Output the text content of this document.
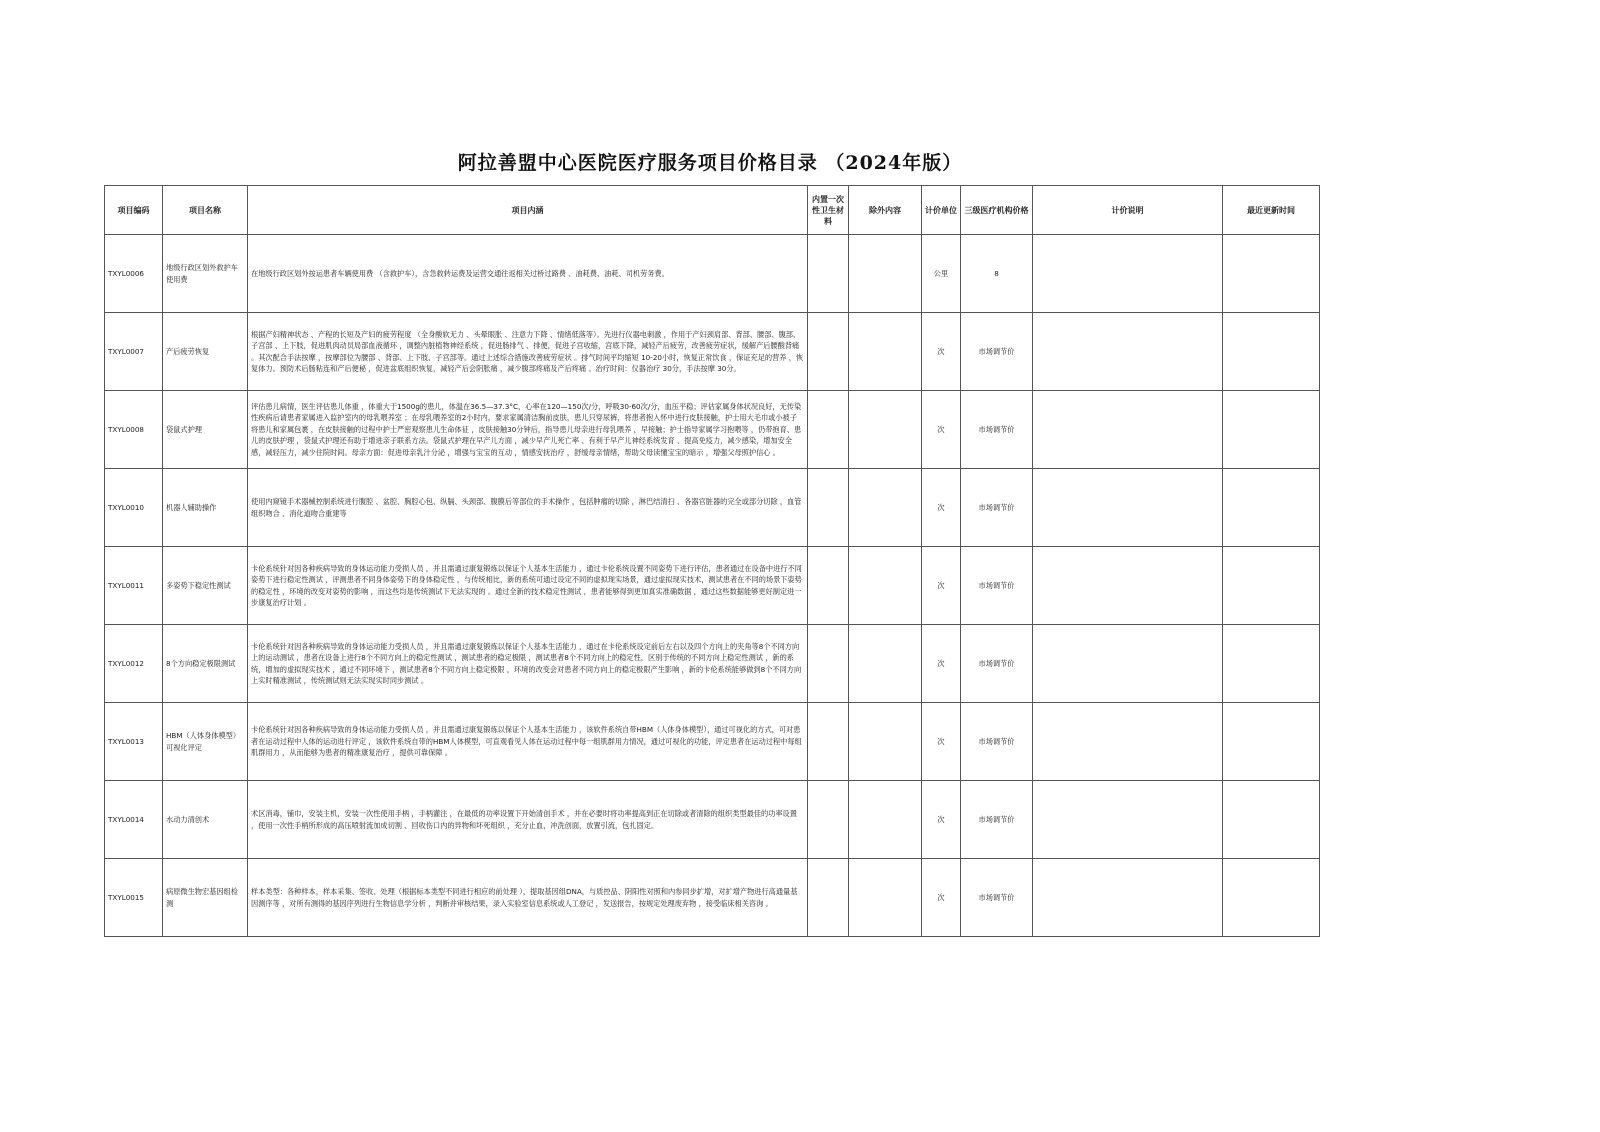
阿拉善盟中心医院医疗服务项目价格目录 （2024年版）
项目编码	项目名称	项目内涵	内置一次性卫生材料	除外内容	计价单位	三级医疗机构价格	计价说明	最近更新时间
TXYL0006	地级行政区划外救护车使用费	在地级行政区划外按运患者车辆使用费 （含救护车），含急救转运费及运营交通往返相关过桥过路费 、油耗费、油耗、司机劳务费。			公里	8		
TXYL0007	产后疲劳恢复	根据产妇精神状态 、产程的长短及产妇的疲劳程度 （全身酸软无力 、头晕眼胀 、注意力下降 、情绪低落等）。先进行仪器电刺激 ，作用于产妇颈肩部、背部、腰部、腹部、子宫部 、上下肢，促进肌肉动员局部血液循环 ，调整内脏植物神经系统 ，促进肠排气 、排便，促进子宫收缩，宫底下降，减轻产后疲劳，改善疲劳症状，缓解产后腰酸背痛 。其次配合手法按摩 ，按摩部位为腰部 、背部、上下肢、子宫部等。通过上述综合措施改善疲劳症状 。排气时间平均缩短 10-20小时，恢复正常饮食 ，保证充足的营养 ，恢复体力。预防术后肠粘连和产后便秘 ，促进盆底组织恢复，减轻产后会阴胀痛 ，减少腹部疼痛及产后疼痛 。治疗时间：仪器治疗 30分，手法按摩 30分。			次	市场调节价		
TXYL0008	袋鼠式护理	评估患儿病情，医生评估患儿体重 ，体重大于1500g的患儿，体温在36.5—37.3°C，心率在120—150次/分，呼吸30-60次/分，血压平稳；评估家属身体状况良好，无传染性疾病后请患者家属进入监护室内的母乳喂养室 ；在母乳喂养室的2小时内，要求家属清洁胸前皮肤，患儿只穿尿裤，将患者抱入怀中进行皮肤接触，护士用大毛巾或小被子将患儿和家属包裹 ，在皮肤接触的过程中护士严密观察患儿生命体征 ，皮肤接触30分钟后，指导患儿母亲进行母乳喂养 ，早接触；护士指导家属学习抱喂等 ，仍带抱育、患儿的皮肤护理 ，袋鼠式护理还有助于增进亲子联系方法。袋鼠式护理在早产儿方面 ，减少早产儿死亡率 、有利于早产儿神经系统发育 、提高免疫力，减少感染，增加安全感，减轻压力，减少住院时间。母亲方面：促进母亲乳汁分泌 ，增强与宝宝的互动 ，情感安抚治疗 ，舒缓母亲情绪，帮助父母读懂宝宝的暗示 ，增强父母照护信心 。			次	市场调节价		
TXYL0010	机器人辅助操作	使用内窥镜手术器械控制系统进行腹腔 、盆腔、胸腔心包、纵膈、头颈部、腹膜后等部位的手术操作 ，包括肿瘤的切除 ，淋巴结清扫 、各器官脏器的完全或部分切除 ，血管组织吻合 、消化道吻合重建等			次	市场调节价		
TXYL0011	多姿势下稳定性测试	卡伦系统针对因各种疾病导致的身体运动能力受损人员 ，并且需通过康复锻炼以保证个人基本生活能力 ，通过卡伦系统设置不同姿势下进行评估，患者通过在设备中进行不同姿势下进行稳定性测试 ，评测患者不同身体姿势下的身体稳定性 ，与传统相比，新的系统可通过设定不同的虚拟现实场景，通过虚拟现实技术，测试患者在不同的场景下姿势的稳定性 ，环境的改变对姿势的影响 ，而这些均是传统测试下无法实现的 。通过全新的技术稳定性测试 ，患者能够得到更加真实准确数据 ，通过这些数据能够更好制定进一步康复治疗计划 。			次	市场调节价		
TXYL0012	8个方向稳定极限测试	卡伦系统针对因各种疾病导致的身体运动能力受损人员 ，并且需通过康复锻炼以保证个人基本生活能力 ，通过在卡伦系统设定前后左右以及四个方向上的夹角等8个不同方向上的运动测试 ，患者在设备上进行8个不同方向上的稳定性测试 ，测试患者的稳定极限 ，测试患者8个不同方向上的稳定性，区别于传统的不同方向上稳定性测试 ，新的系统，增加的虚拟现实技术 ，通过不同环境下 ，测试患者8个不同方向上稳定极限 ，环境的改变会对患者不同方向上的稳定极限产生影响 ，新的卡伦系统能够做到8个不同方向上实时精准测试 ，传统测试则无法实现实时同步测试 。			次	市场调节价		
TXYL0013	HBM（人体身体模型）可视化评定	卡伦系统针对因各种疾病导致的身体运动能力受损人员 ，并且需通过康复锻炼以保证个人基本生活能力 ，该软件系统自带HBM（人体身体模型），通过可视化的方式，可对患者在运动过程中人体的运动进行评定 ，该软件系统自带的HBM人体模型，可直观看见人体在运动过程中每一组肌群用力情况，通过可视化的功能，评定患者在运动过程中每组肌群用力 ，从而能够为患者的精准康复治疗 ，提供可靠保障 。			次	市场调节价		
TXYL0014	水动力清创术	术区消毒，铺巾，安装主机，安装一次性使用手柄 ，手柄灌注 ，在最低的功率设置下开始清创手术 ，并在必要时将功率提高到正在切除或者清除的组织类型最佳的功率设置 ，使用一次性手柄所形成的高压喷射流加成切割 、回收伤口内的异物和坏死组织 ，充分止血，冲洗创面，放置引流，包扎固定。			次	市场调节价		
TXYL0015	病原微生物宏基因组检测	样本类型：各种样本，样本采集、签收、处理（根据标本类型不同进行相应的前处理 ），提取基因组DNA，与质控品、阴阳性对照和内参同步扩增，对扩增产物进行高通量基因测序等 ，对所有测得的基因序列进行生物信息学分析 ，判断并审核结果，录入实验室信息系统或人工登记 ，发送报告，按规定处理废弃物 ，接受临床相关咨询 。			次	市场调节价		
